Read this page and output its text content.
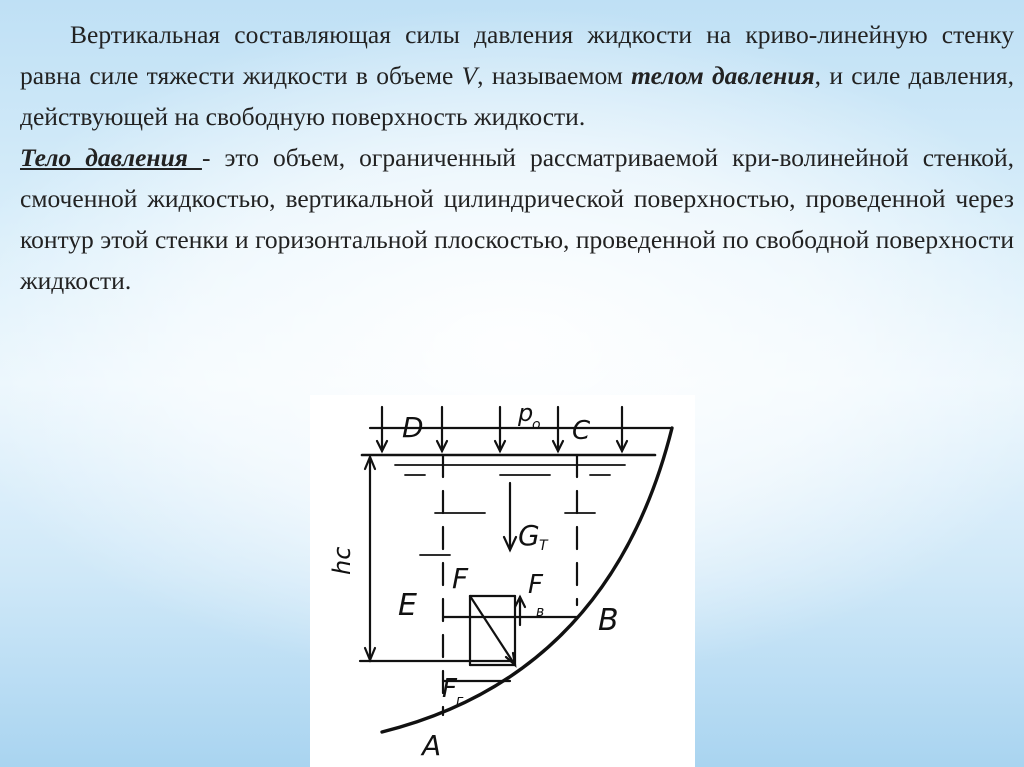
Вертикальная составляющая силы давления жидкости на криво-линейную стенку равна силе тяжести жидкости в объеме V, называемом телом давления, и силе давления, действующей на свободную поверхность жидкости.

Тело давления - это объем, ограниченный рассматриваемой кри-волинейной стенкой, смоченной жидкостью, вертикальной цилиндрической поверхностью, проведенной через контур этой стенки и горизонтальной плоскостью, проведенной по свободной поверхности жидкости.

D	p
o C
G T
hc
E
F F
в
F г
B
A
